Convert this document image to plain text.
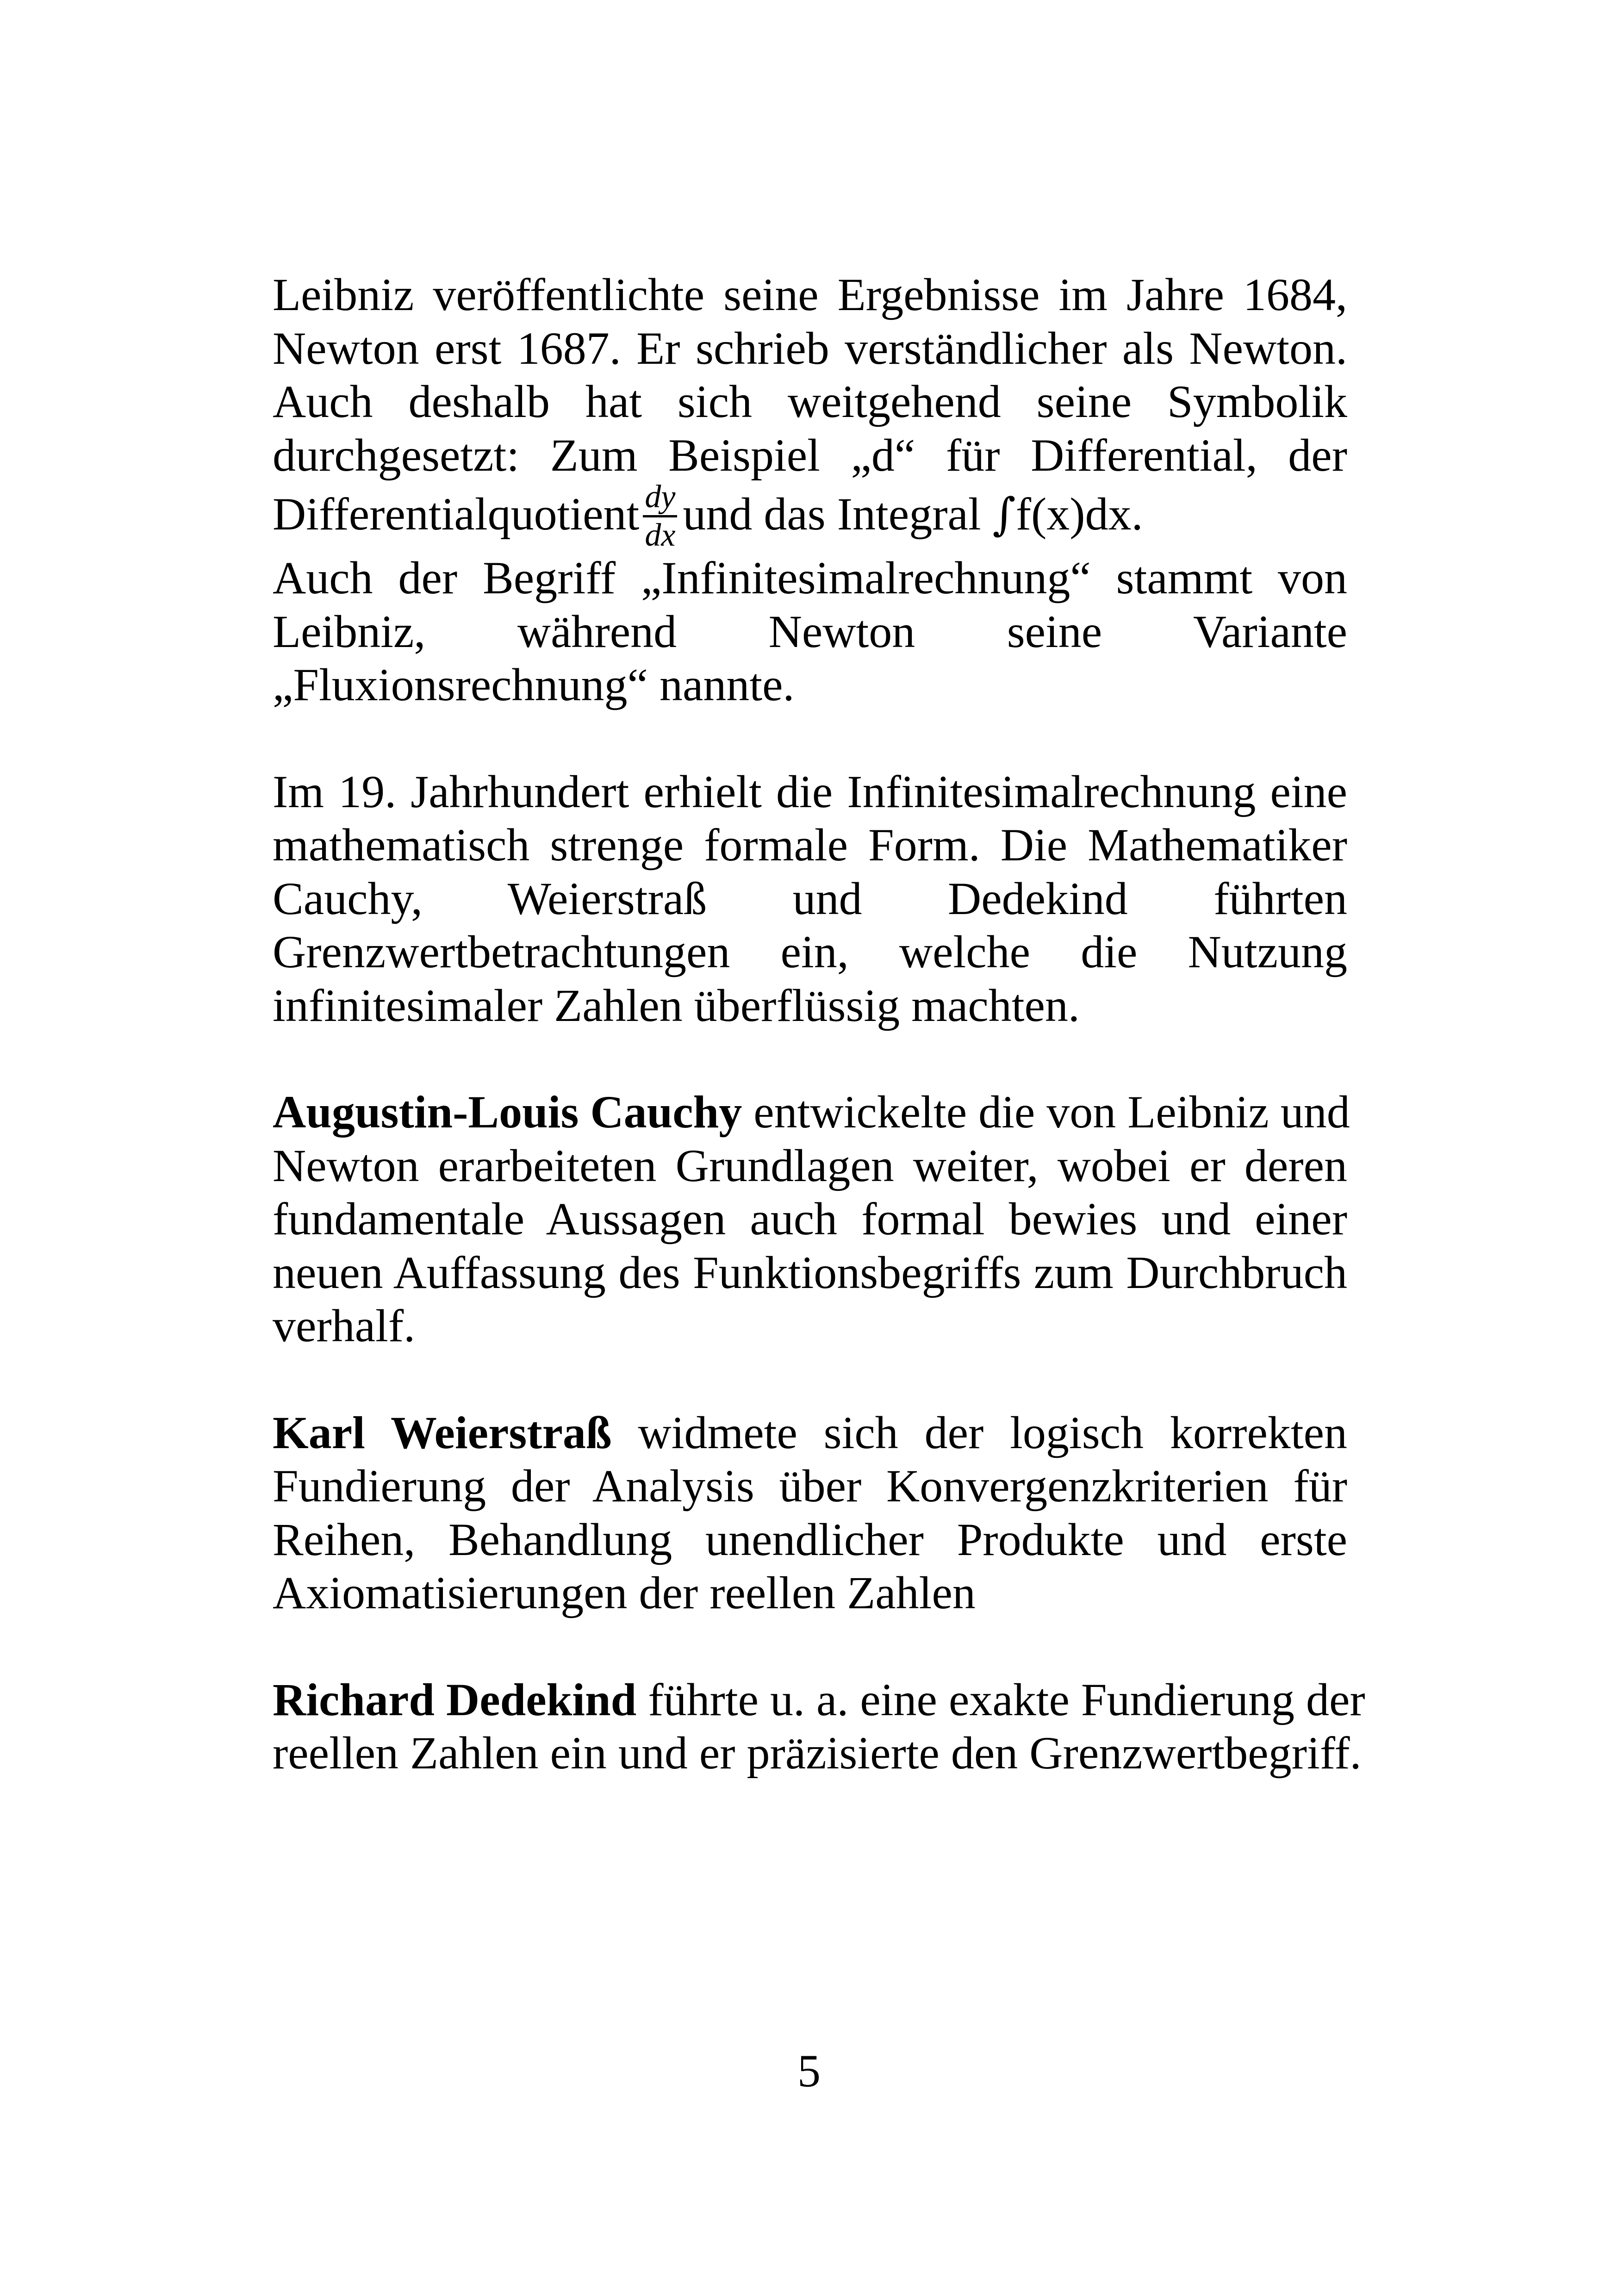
Leibniz veröffentlichte seine Ergebnisse im Jahre 1684,
Newton erst 1687. Er schrieb verständlicher als Newton.
Auch deshalb hat sich weitgehend seine Symbolik
durchgesetzt: Zum Beispiel „d“ für Differential, der
Differentialquotient $\frac{dy}{dx}$ und das Integral ∫f(x)dx.
Auch der Begriff „Infinitesimalrechnung“ stammt von
Leibniz, während Newton seine Variante
„Fluxionsrechnung“ nannte.
Im 19. Jahrhundert erhielt die Infinitesimalrechnung eine
mathematisch strenge formale Form. Die Mathematiker
Cauchy, Weierstraß und Dedekind führten
Grenzwertbetrachtungen ein, welche die Nutzung
infinitesimaler Zahlen überflüssig machten.
Augustin-Louis Cauchy entwickelte die von Leibniz und
Newton erarbeiteten Grundlagen weiter, wobei er deren
fundamentale Aussagen auch formal bewies und einer
neuen Auffassung des Funktionsbegriffs zum Durchbruch
verhalf.
Karl Weierstraß widmete sich der logisch korrekten
Fundierung der Analysis über Konvergenzkriterien für
Reihen, Behandlung unendlicher Produkte und erste
Axiomatisierungen der reellen Zahlen
Richard Dedekind führte u. a. eine exakte Fundierung der
reellen Zahlen ein und er präzisierte den Grenzwertbegriff.
5
